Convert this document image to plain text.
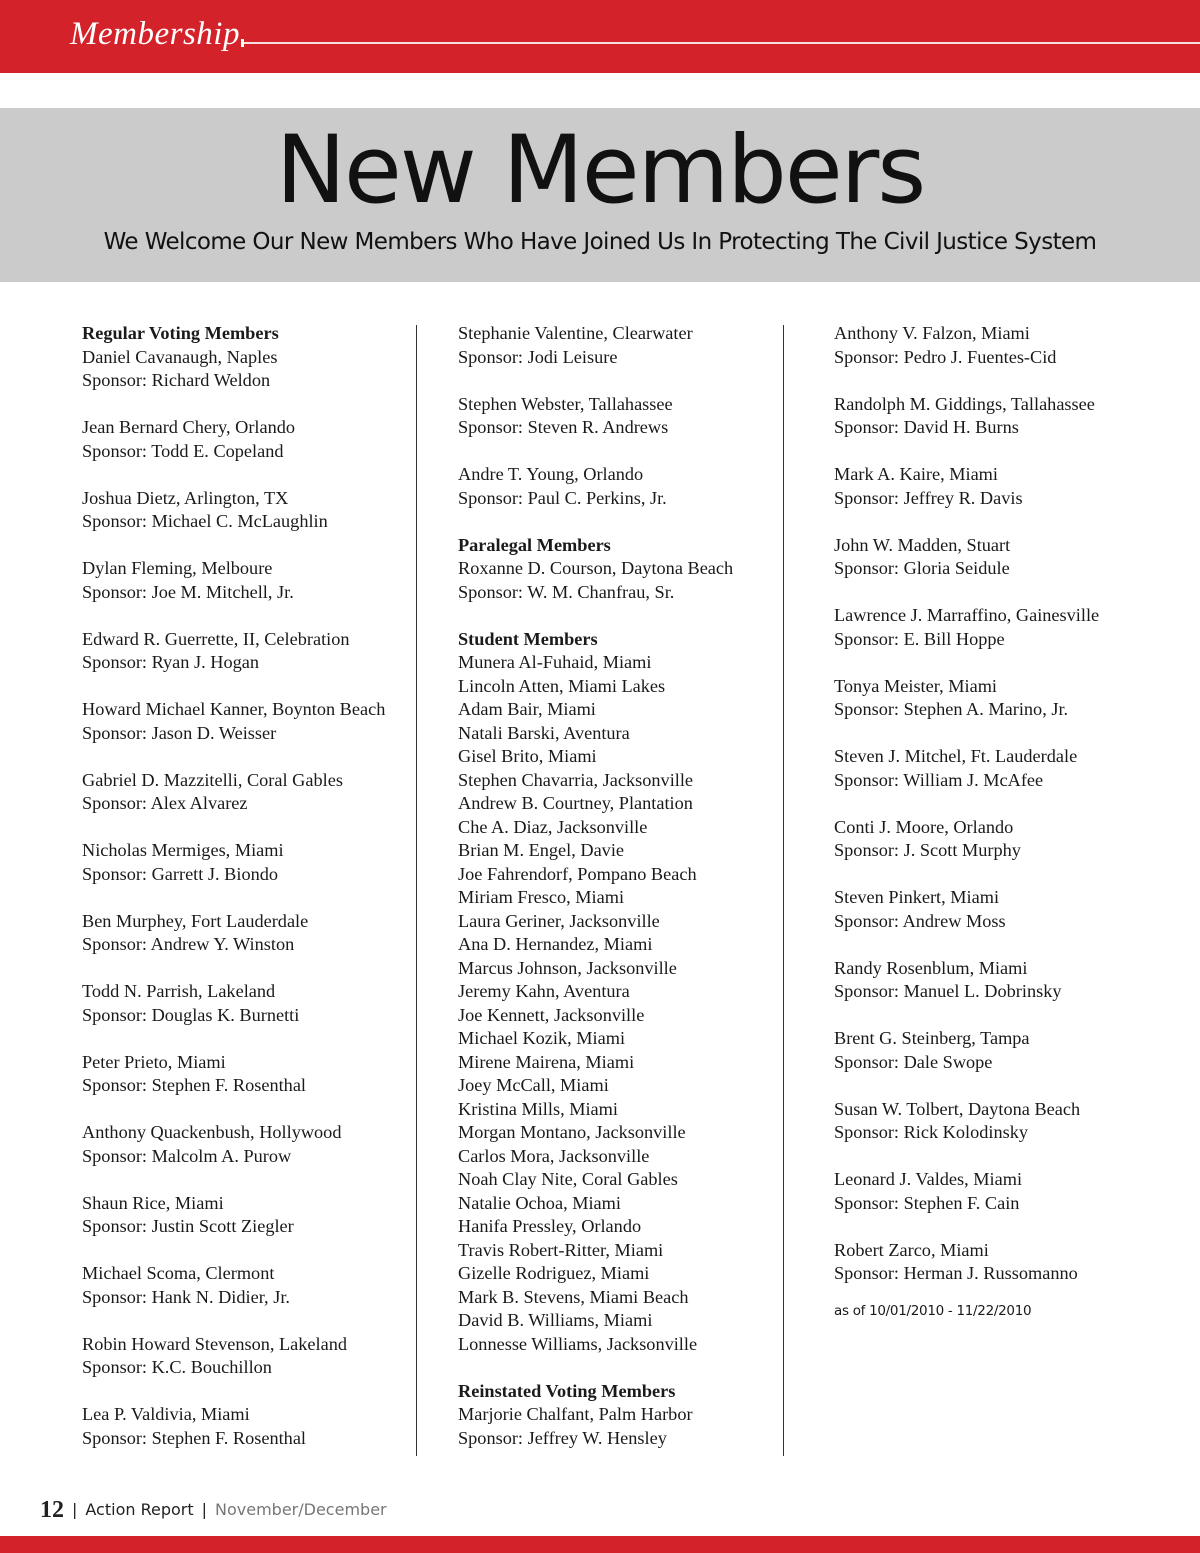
Membership
New Members
We Welcome Our New Members Who Have Joined Us In Protecting The Civil Justice System
Regular Voting Members
Daniel Cavanaugh, Naples
Sponsor: Richard Weldon
Jean Bernard Chery, Orlando
Sponsor: Todd E. Copeland
Joshua Dietz, Arlington, TX
Sponsor: Michael C. McLaughlin
Dylan Fleming, Melboure
Sponsor: Joe M. Mitchell, Jr.
Edward R. Guerrette, II, Celebration
Sponsor: Ryan J. Hogan
Howard Michael Kanner, Boynton Beach
Sponsor: Jason D. Weisser
Gabriel D. Mazzitelli, Coral Gables
Sponsor: Alex Alvarez
Nicholas Mermiges, Miami
Sponsor: Garrett J. Biondo
Ben Murphey, Fort Lauderdale
Sponsor: Andrew Y. Winston
Todd N. Parrish, Lakeland
Sponsor: Douglas K. Burnetti
Peter Prieto, Miami
Sponsor: Stephen F. Rosenthal
Anthony Quackenbush, Hollywood
Sponsor: Malcolm A. Purow
Shaun Rice, Miami
Sponsor: Justin Scott Ziegler
Michael Scoma, Clermont
Sponsor: Hank N. Didier, Jr.
Robin Howard Stevenson, Lakeland
Sponsor: K.C. Bouchillon
Lea P. Valdivia, Miami
Sponsor: Stephen F. Rosenthal
Stephanie Valentine, Clearwater
Sponsor: Jodi Leisure
Stephen Webster, Tallahassee
Sponsor: Steven R. Andrews
Andre T. Young, Orlando
Sponsor: Paul C. Perkins, Jr.
Paralegal Members
Roxanne D. Courson, Daytona Beach
Sponsor: W. M. Chanfrau, Sr.
Student Members
Munera Al-Fuhaid, Miami
Lincoln Atten, Miami Lakes
Adam Bair, Miami
Natali Barski, Aventura
Gisel Brito, Miami
Stephen Chavarria, Jacksonville
Andrew B. Courtney, Plantation
Che A. Diaz, Jacksonville
Brian M. Engel, Davie
Joe Fahrendorf, Pompano Beach
Miriam Fresco, Miami
Laura Geriner, Jacksonville
Ana D. Hernandez, Miami
Marcus Johnson, Jacksonville
Jeremy Kahn, Aventura
Joe Kennett, Jacksonville
Michael Kozik, Miami
Mirene Mairena, Miami
Joey McCall, Miami
Kristina Mills, Miami
Morgan Montano, Jacksonville
Carlos Mora, Jacksonville
Noah Clay Nite, Coral Gables
Natalie Ochoa, Miami
Hanifa Pressley, Orlando
Travis Robert-Ritter, Miami
Gizelle Rodriguez, Miami
Mark B. Stevens, Miami Beach
David B. Williams, Miami
Lonnesse Williams, Jacksonville
Reinstated Voting Members
Marjorie Chalfant, Palm Harbor
Sponsor: Jeffrey W. Hensley
Anthony V. Falzon, Miami
Sponsor: Pedro J. Fuentes-Cid
Randolph M. Giddings, Tallahassee
Sponsor: David H. Burns
Mark A. Kaire, Miami
Sponsor: Jeffrey R. Davis
John W. Madden, Stuart
Sponsor: Gloria Seidule
Lawrence J. Marraffino, Gainesville
Sponsor: E. Bill Hoppe
Tonya Meister, Miami
Sponsor: Stephen A. Marino, Jr.
Steven J. Mitchel, Ft. Lauderdale
Sponsor: William J. McAfee
Conti J. Moore, Orlando
Sponsor: J. Scott Murphy
Steven Pinkert, Miami
Sponsor: Andrew Moss
Randy Rosenblum, Miami
Sponsor: Manuel L. Dobrinsky
Brent G. Steinberg, Tampa
Sponsor: Dale Swope
Susan W. Tolbert, Daytona Beach
Sponsor: Rick Kolodinsky
Leonard J. Valdes, Miami
Sponsor: Stephen F. Cain
Robert Zarco, Miami
Sponsor: Herman J. Russomanno
as of 10/01/2010 - 11/22/2010
12 | Action Report | November/December
